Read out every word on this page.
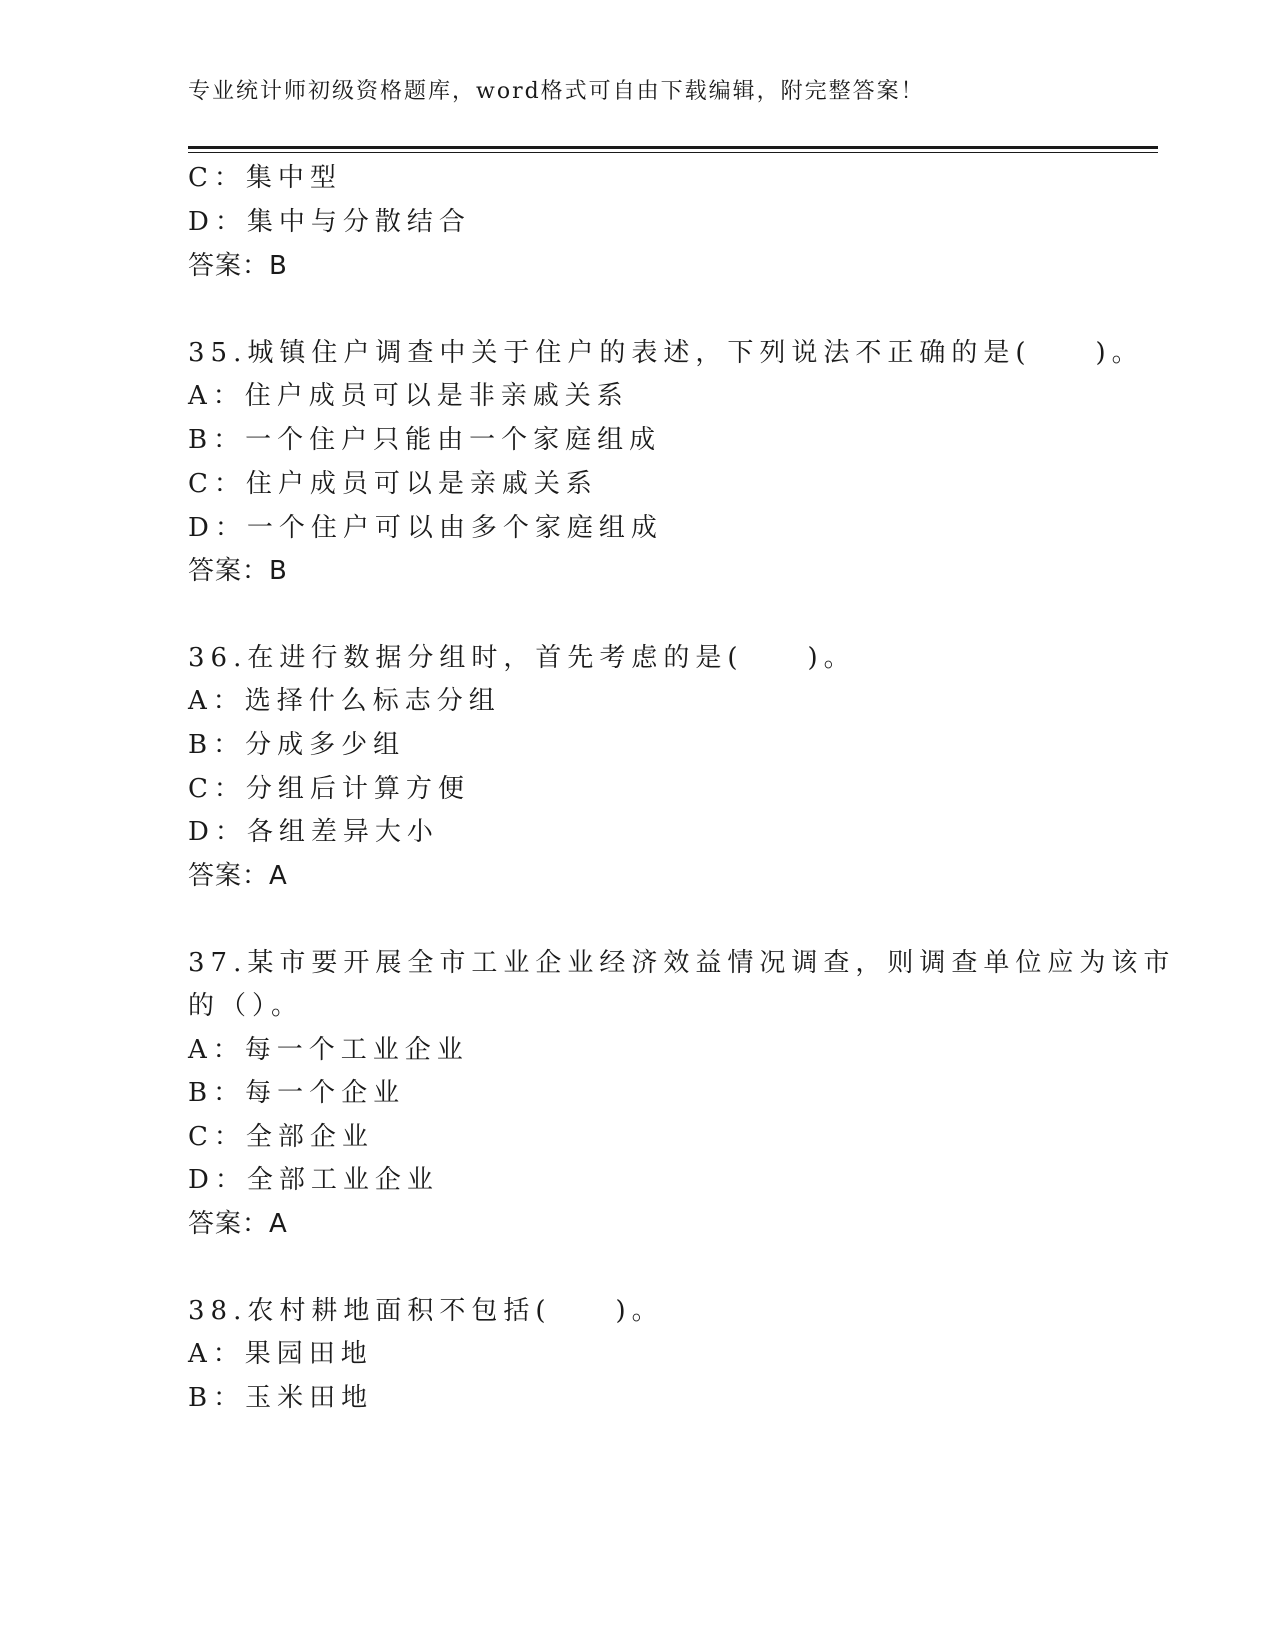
专业统计师初级资格题库，word格式可自由下载编辑，附完整答案！
C：集中型
D：集中与分散结合
答案：B
35.城镇住户调查中关于住户的表述，下列说法不正确的是(　　)。
A：住户成员可以是非亲戚关系
B：一个住户只能由一个家庭组成
C：住户成员可以是亲戚关系
D：一个住户可以由多个家庭组成
答案：B
36.在进行数据分组时，首先考虑的是(　　)。
A：选择什么标志分组
B：分成多少组
C：分组后计算方便
D：各组差异大小
答案：A
37.某市要开展全市工业企业经济效益情况调查，则调查单位应为该市
的（）。
A：每一个工业企业
B：每一个企业
C：全部企业
D：全部工业企业
答案：A
38.农村耕地面积不包括(　　)。
A：果园田地
B：玉米田地
